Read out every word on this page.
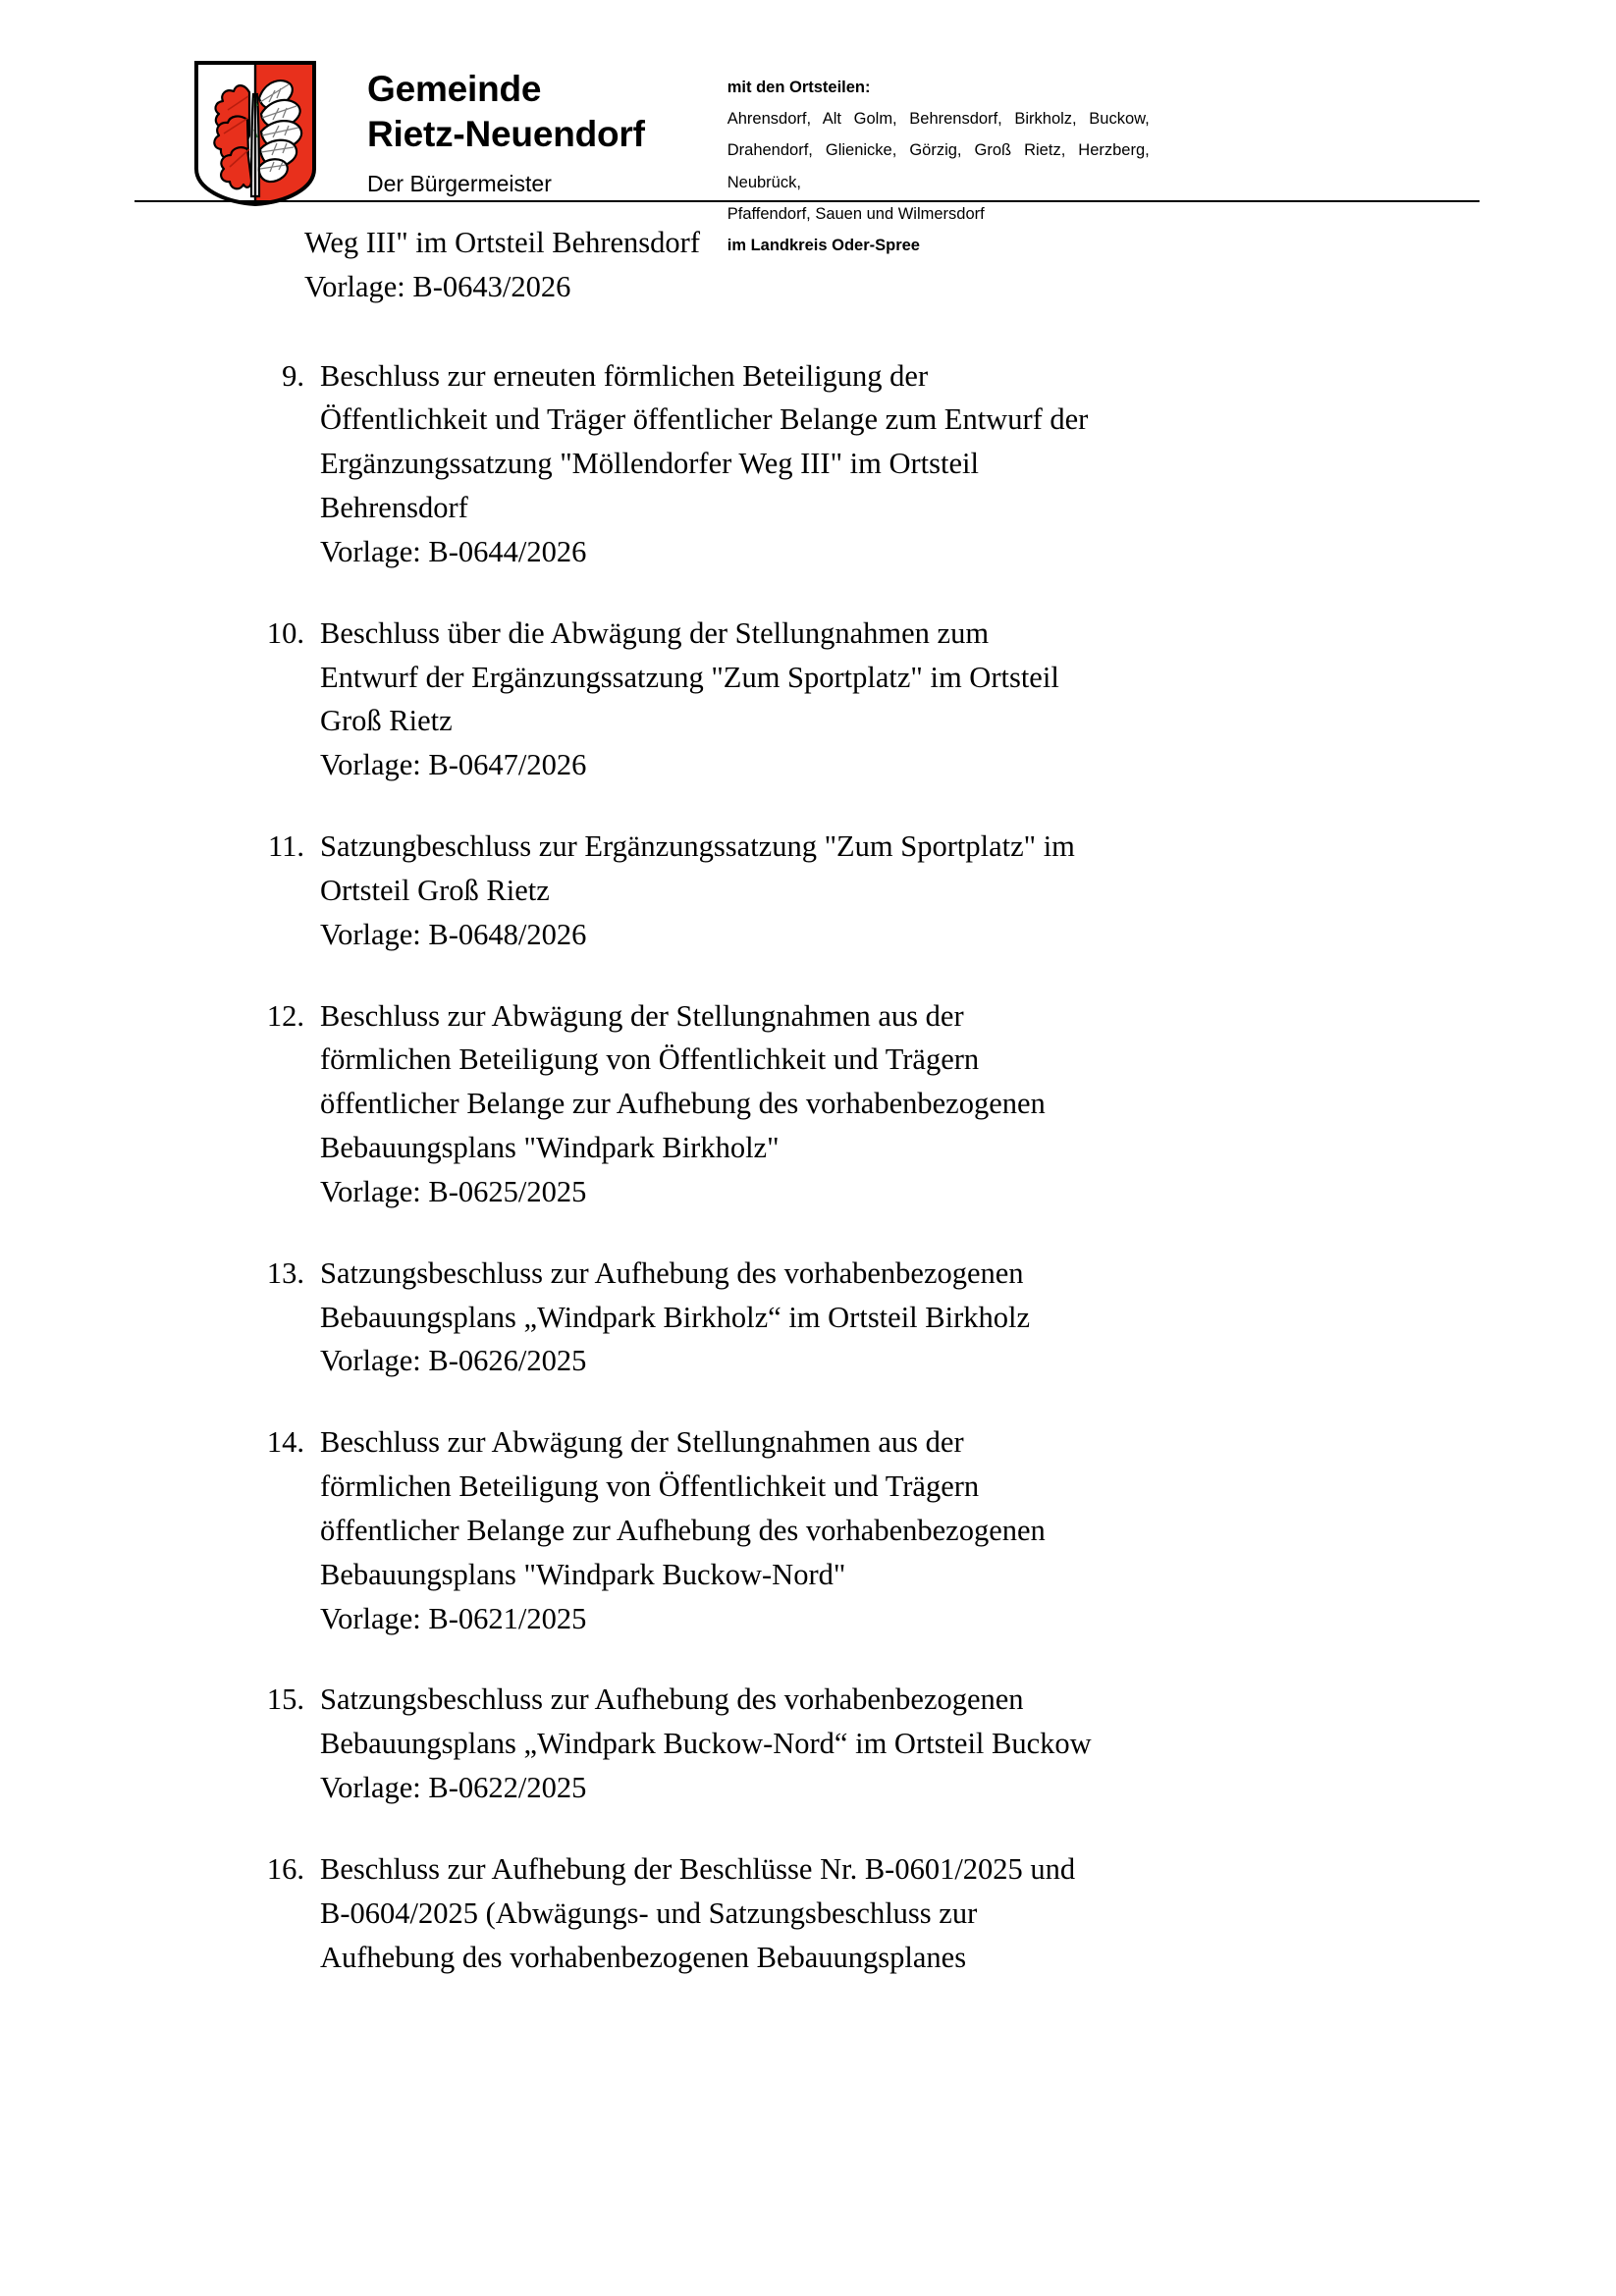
Gemeinde
Rietz-Neuendorf
Der Bürgermeister
mit den Ortsteilen:
Ahrensdorf, Alt Golm, Behrensdorf, Birkholz, Buckow,
Drahendorf, Glienicke, Görzig, Groß Rietz, Herzberg, Neubrück,
Pfaffendorf, Sauen und Wilmersdorf
im Landkreis Oder-Spree

Weg III" im Ortsteil Behrensdorf

Vorlage: B-0643/2026

9. Beschluss zur erneuten förmlichen Beteiligung der

Öffentlichkeit und Träger öffentlicher Belange zum Entwurf der

Ergänzungssatzung "Möllendorfer Weg III" im Ortsteil

Behrensdorf

Vorlage: B-0644/2026

10. Beschluss über die Abwägung der Stellungnahmen zum

Entwurf der Ergänzungssatzung "Zum Sportplatz" im Ortsteil

Groß Rietz

Vorlage: B-0647/2026

11. Satzungbeschluss zur Ergänzungssatzung "Zum Sportplatz" im

Ortsteil Groß Rietz

Vorlage: B-0648/2026

12. Beschluss zur Abwägung der Stellungnahmen aus der

förmlichen Beteiligung von Öffentlichkeit und Trägern

öffentlicher Belange zur Aufhebung des vorhabenbezogenen

Bebauungsplans "Windpark Birkholz"

Vorlage: B-0625/2025

13. Satzungsbeschluss zur Aufhebung des vorhabenbezogenen

Bebauungsplans „Windpark Birkholz“ im Ortsteil Birkholz

Vorlage: B-0626/2025

14. Beschluss zur Abwägung der Stellungnahmen aus der

förmlichen Beteiligung von Öffentlichkeit und Trägern

öffentlicher Belange zur Aufhebung des vorhabenbezogenen

Bebauungsplans "Windpark Buckow-Nord"

Vorlage: B-0621/2025

15. Satzungsbeschluss zur Aufhebung des vorhabenbezogenen

Bebauungsplans „Windpark Buckow-Nord“ im Ortsteil Buckow

Vorlage: B-0622/2025

16. Beschluss zur Aufhebung der Beschlüsse Nr. B-0601/2025 und

B-0604/2025 (Abwägungs- und Satzungsbeschluss zur

Aufhebung des vorhabenbezogenen Bebauungsplanes
